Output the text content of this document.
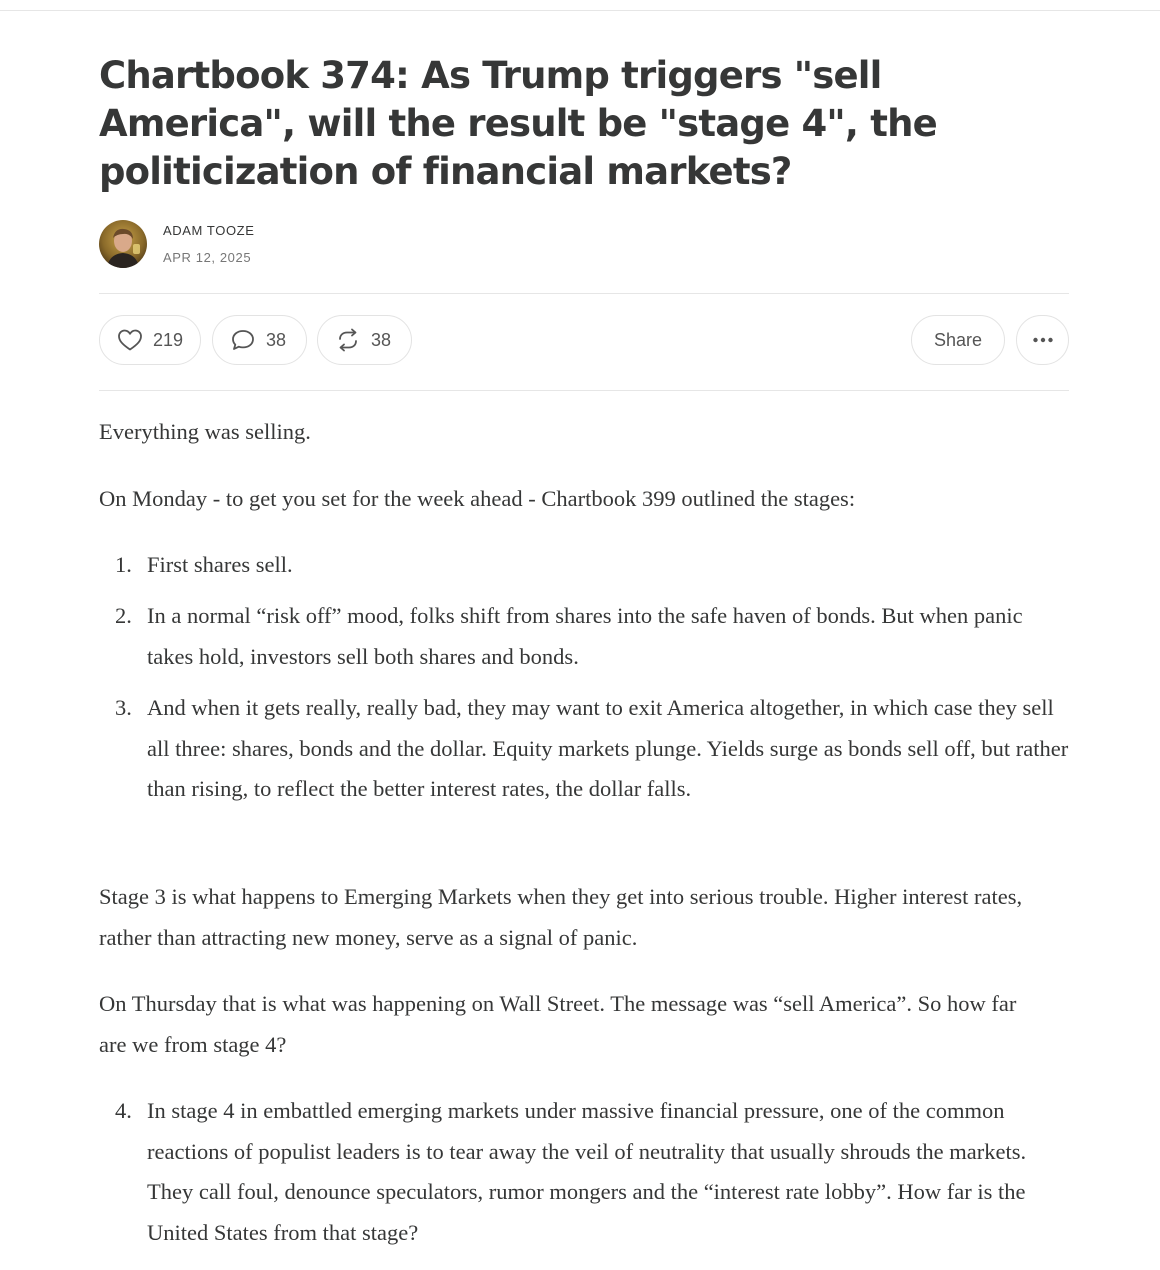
Chartbook 374: As Trump triggers "sell America", will the result be "stage 4", the politicization of financial markets?
ADAM TOOZE
APR 12, 2025
219	38	38	Share

Everything was selling.

On Monday - to get you set for the week ahead - Chartbook 399 outlined the stages:

1. First shares sell.
2. In a normal “risk off” mood, folks shift from shares into the safe haven of bonds. But when panic takes hold, investors sell both shares and bonds.
3. And when it gets really, really bad, they may want to exit America altogether, in which case they sell all three: shares, bonds and the dollar. Equity markets plunge. Yields surge as bonds sell off, but rather than rising, to reflect the better interest rates, the dollar falls.

Stage 3 is what happens to Emerging Markets when they get into serious trouble. Higher interest rates, rather than attracting new money, serve as a signal of panic.

On Thursday that is what was happening on Wall Street. The message was “sell America”. So how far are we from stage 4?

4. In stage 4 in embattled emerging markets under massive financial pressure, one of the common reactions of populist leaders is to tear away the veil of neutrality that usually shrouds the markets. They call foul, denounce speculators, rumor mongers and the “interest rate lobby”. How far is the United States from that stage?
